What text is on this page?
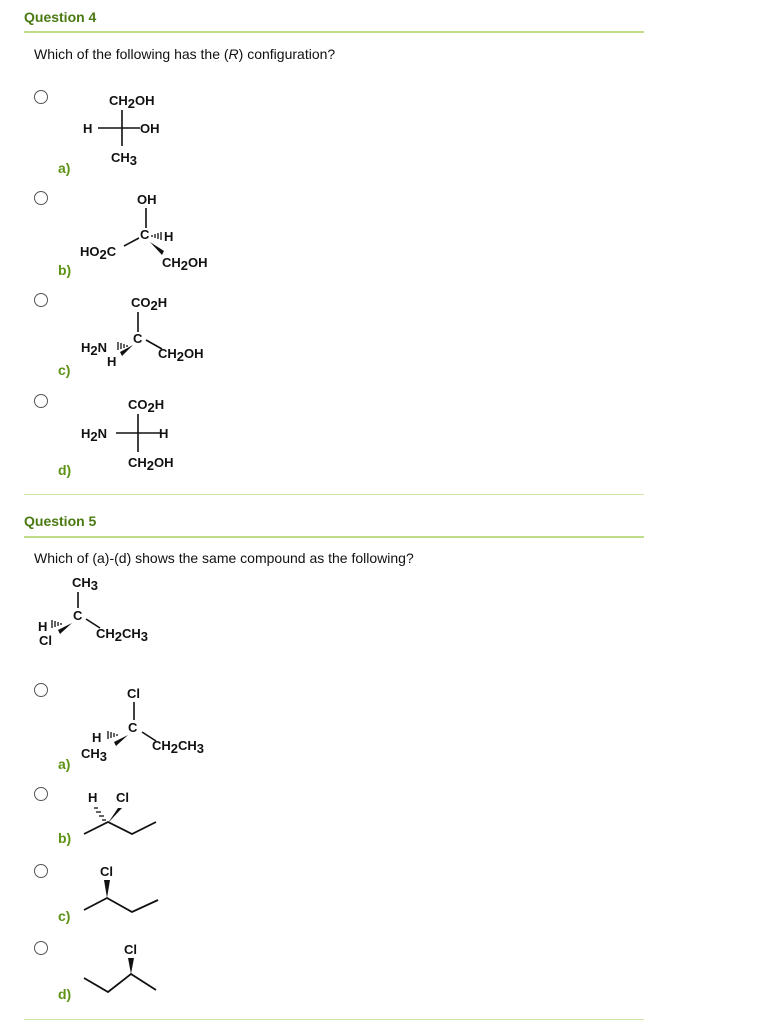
Question 4
Which of the following has the (R) configuration?
a)
CH2OH
H	OH
CH3
b)
OH
C
HO2C
H
CH2OH
c)
CO2H
C
H2N
H
CH2OH
d)
CO2H
H2N	H
CH2OH
Question 5
Which of (a)-(d) shows the same compound as the following?
CH3
C
H
Cl	CH2CH3
a)
Cl
C
H
CH3
CH2CH3
b)
H Cl
c)
Cl
d)
Cl
